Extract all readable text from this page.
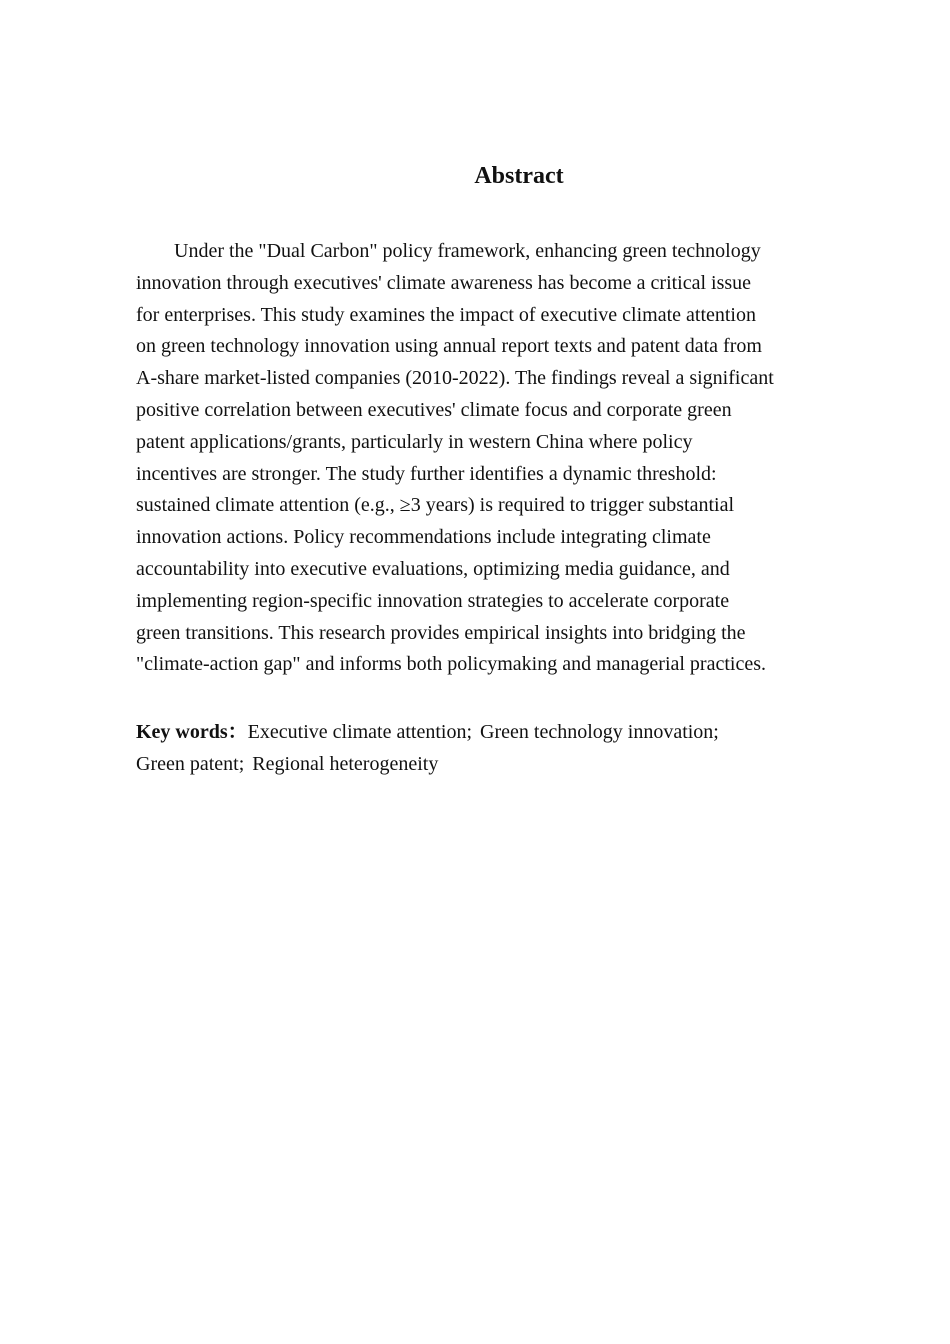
Abstract

Under the "Dual Carbon" policy framework, enhancing green technology
innovation through executives' climate awareness has become a critical issue
for enterprises. This study examines the impact of executive climate attention
on green technology innovation using annual report texts and patent data from
A-share market-listed companies (2010-2022). The findings reveal a significant
positive correlation between executives' climate focus and corporate green
patent applications/grants, particularly in western China where policy
incentives are stronger. The study further identifies a dynamic threshold:
sustained climate attention (e.g., ≥3 years) is required to trigger substantial
innovation actions. Policy recommendations include integrating climate
accountability into executive evaluations, optimizing media guidance, and
implementing region-specific innovation strategies to accelerate corporate
green transitions. This research provides empirical insights into bridging the
"climate-action gap" and informs both policymaking and managerial practices.

Key words：Executive climate attention; Green technology innovation;
Green patent; Regional heterogeneity
